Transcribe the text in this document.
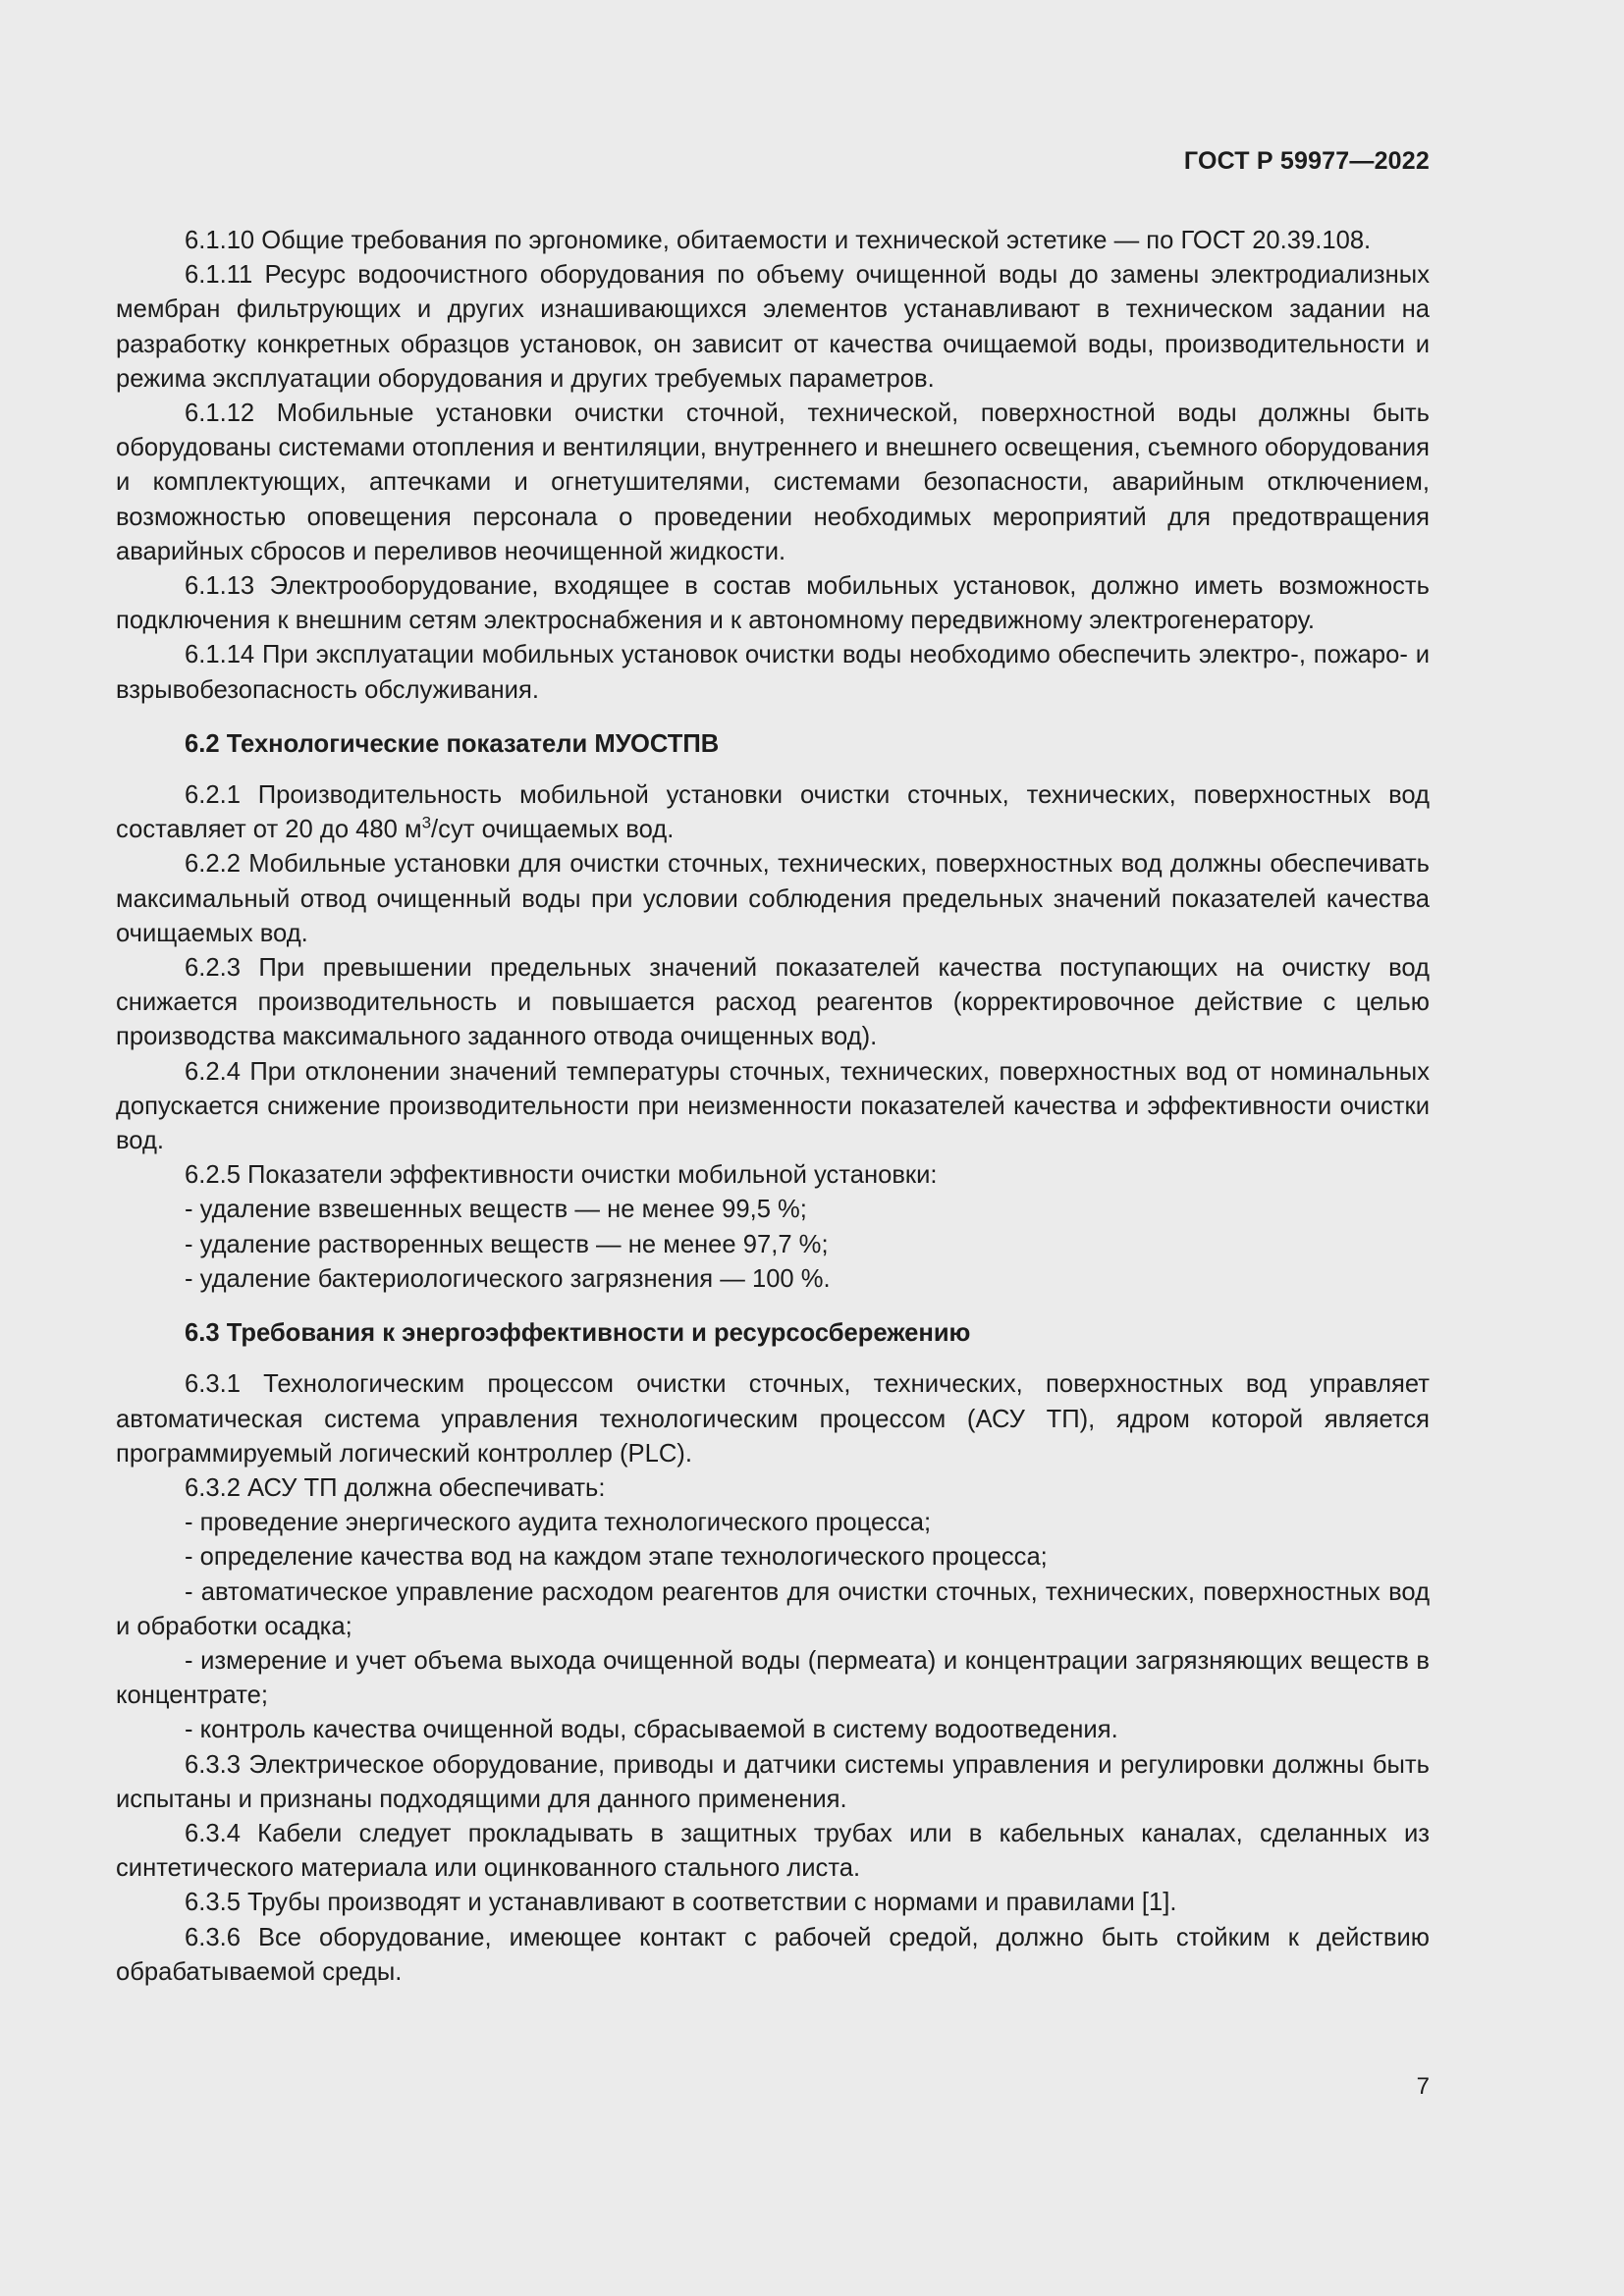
ГОСТ Р 59977—2022

6.1.10 Общие требования по эргономике, обитаемости и технической эстетике — по ГОСТ 20.39.108.

6.1.11 Ресурс водоочистного оборудования по объему очищенной воды до замены электродиализных мембран фильтрующих и других изнашивающихся элементов устанавливают в техническом задании на разработку конкретных образцов установок, он зависит от качества очищаемой воды, производительности и режима эксплуатации оборудования и других требуемых параметров.

6.1.12 Мобильные установки очистки сточной, технической, поверхностной воды должны быть оборудованы системами отопления и вентиляции, внутреннего и внешнего освещения, съемного оборудования и комплектующих, аптечками и огнетушителями, системами безопасности, аварийным отключением, возможностью оповещения персонала о проведении необходимых мероприятий для предотвращения аварийных сбросов и переливов неочищенной жидкости.

6.1.13 Электрооборудование, входящее в состав мобильных установок, должно иметь возможность подключения к внешним сетям электроснабжения и к автономному передвижному электрогенератору.

6.1.14 При эксплуатации мобильных установок очистки воды необходимо обеспечить электро-, пожаро- и взрывобезопасность обслуживания.

6.2 Технологические показатели МУОСТПВ

6.2.1 Производительность мобильной установки очистки сточных, технических, поверхностных вод составляет от 20 до 480 $м^3$/сут очищаемых вод.

6.2.2 Мобильные установки для очистки сточных, технических, поверхностных вод должны обеспечивать максимальный отвод очищенный воды при условии соблюдения предельных значений показателей качества очищаемых вод.

6.2.3 При превышении предельных значений показателей качества поступающих на очистку вод снижается производительность и повышается расход реагентов (корректировочное действие с целью производства максимального заданного отвода очищенных вод).

6.2.4 При отклонении значений температуры сточных, технических, поверхностных вод от номинальных допускается снижение производительности при неизменности показателей качества и эффективности очистки вод.

6.2.5 Показатели эффективности очистки мобильной установки:

- удаление взвешенных веществ — не менее 99,5 %;

- удаление растворенных веществ — не менее 97,7 %;

- удаление бактериологического загрязнения — 100 %.

6.3 Требования к энергоэффективности и ресурсосбережению

6.3.1 Технологическим процессом очистки сточных, технических, поверхностных вод управляет автоматическая система управления технологическим процессом (АСУ ТП), ядром которой является программируемый логический контроллер (PLC).

6.3.2 АСУ ТП должна обеспечивать:

- проведение энергического аудита технологического процесса;

- определение качества вод на каждом этапе технологического процесса;

- автоматическое управление расходом реагентов для очистки сточных, технических, поверхностных вод и обработки осадка;

- измерение и учет объема выхода очищенной воды (пермеата) и концентрации загрязняющих веществ в концентрате;

- контроль качества очищенной воды, сбрасываемой в систему водоотведения.

6.3.3 Электрическое оборудование, приводы и датчики системы управления и регулировки должны быть испытаны и признаны подходящими для данного применения.

6.3.4 Кабели следует прокладывать в защитных трубах или в кабельных каналах, сделанных из синтетического материала или оцинкованного стального листа.

6.3.5 Трубы производят и устанавливают в соответствии с нормами и правилами [1].

6.3.6 Все оборудование, имеющее контакт с рабочей средой, должно быть стойким к действию обрабатываемой среды.

7
